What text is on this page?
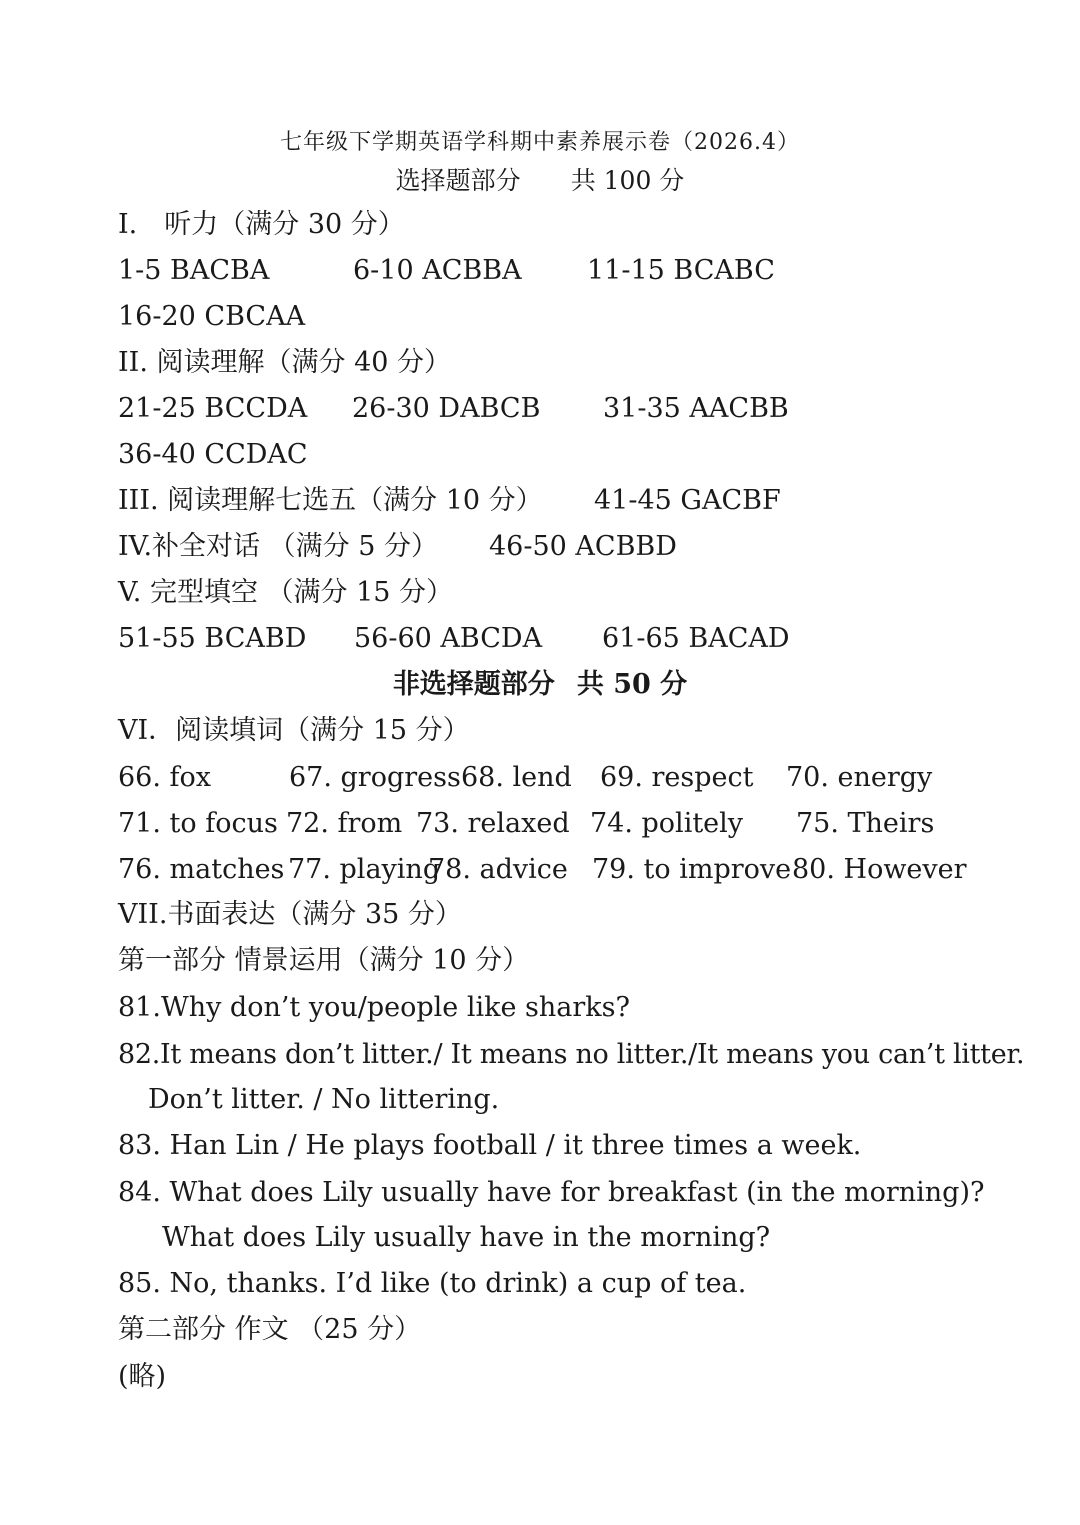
七年级下学期英语学科期中素养展示卷（2026.4）
选择题部分 共 100 分
I.　听力（满分 30 分）
1-5 BACBA	6-10 ACBBA 11-15 BCABC
16-20 CBCAA
II. 阅读理解（满分 40 分）
21-25 BCCDA 26-30 DABCB 31-35 AACBB
36-40 CCDAC
III. 阅读理解七选五（满分 10 分） 41-45 GACBF
IV.补全对话 （满分 5 分） 46-50 ACBBD
V. 完型填空 （满分 15 分）
51-55 BCABD 56-60 ABCDA 61-65 BACAD
非选择题部分 共 50 分
VI．阅读填词（满分 15 分）
66. fox	67. grogress 68. lend 69. respect 70. energy
71. to focus 72. from 73. relaxed 74. politely 75. Theirs
76. matches 77. playing
78. advice 79. to improve 80. However
VII.书面表达（满分 35 分）
第一部分 情景运用（满分 10 分）
81.Why don’t you/people like sharks?
82.It means don’t litter./ It means no litter./It means you can’t litter.
Don’t litter. / No littering.
83. Han Lin / He plays football / it three times a week.
84. What does Lily usually have for breakfast (in the morning)?
What does Lily usually have in the morning?
85. No, thanks. I’d like (to drink) a cup of tea.
第二部分 作文 （25 分）
(略)
